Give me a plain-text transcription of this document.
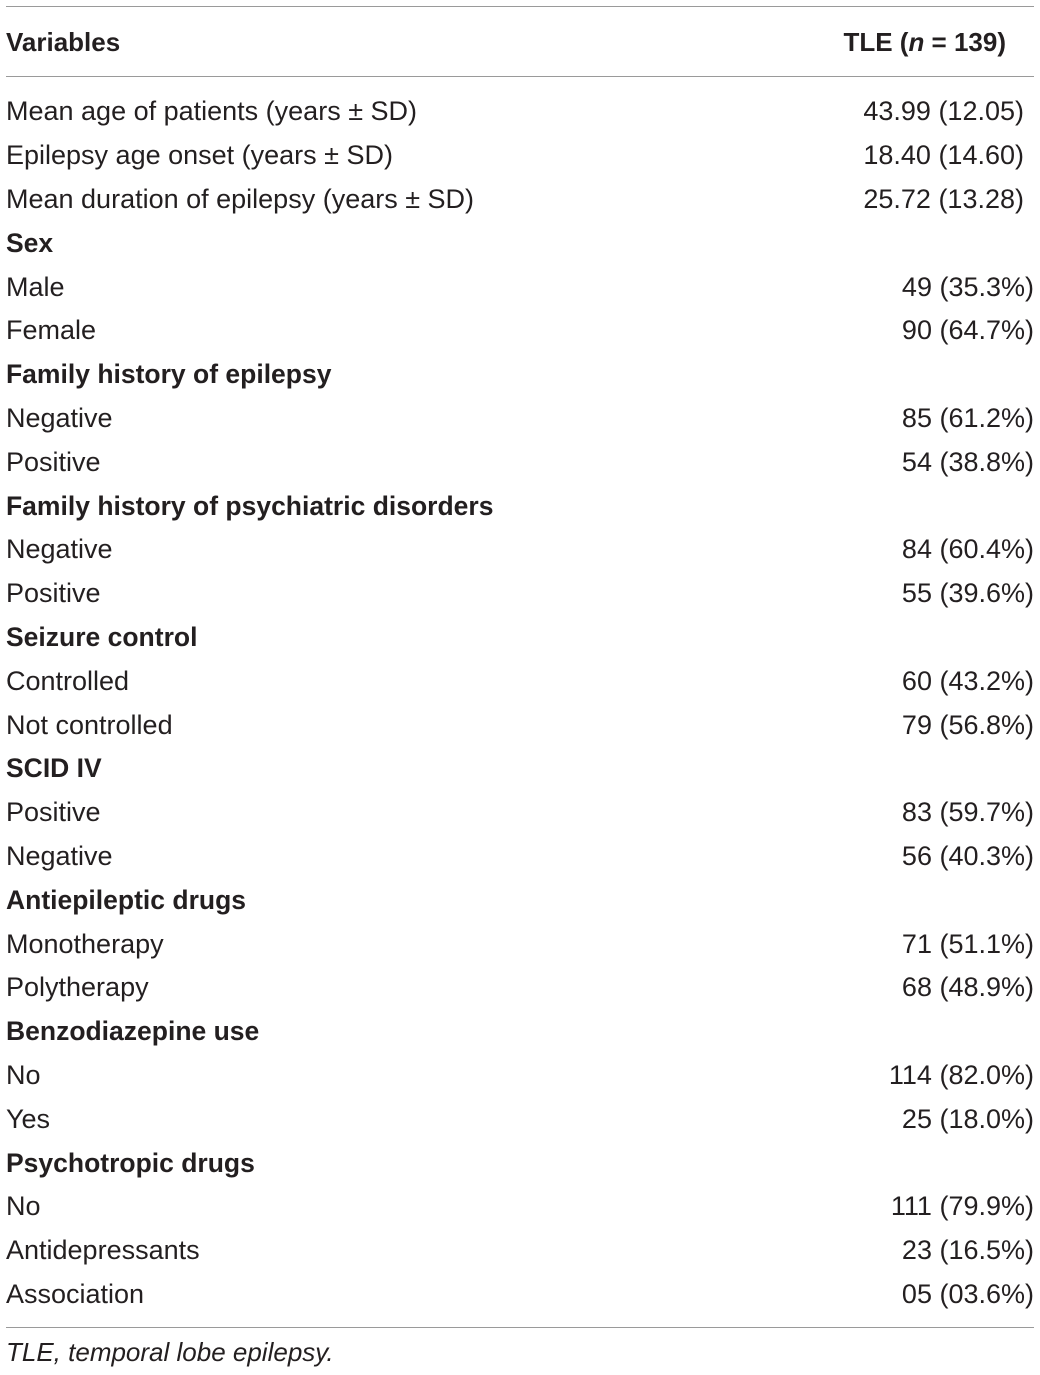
Variables	TLE (n = 139)
Mean age of patients (years ± SD)	43.99 (12.05)
Epilepsy age onset (years ± SD)	18.40 (14.60)
Mean duration of epilepsy (years ± SD)	25.72 (13.28)
Sex
Male	49 (35.3%)
Female	90 (64.7%)
Family history of epilepsy
Negative	85 (61.2%)
Positive	54 (38.8%)
Family history of psychiatric disorders
Negative	84 (60.4%)
Positive	55 (39.6%)
Seizure control
Controlled	60 (43.2%)
Not controlled	79 (56.8%)
SCID IV
Positive	83 (59.7%)
Negative	56 (40.3%)
Antiepileptic drugs
Monotherapy	71 (51.1%)
Polytherapy	68 (48.9%)
Benzodiazepine use
No	114 (82.0%)
Yes	25 (18.0%)
Psychotropic drugs
No	111 (79.9%)
Antidepressants	23 (16.5%)
Association	05 (03.6%)
TLE, temporal lobe epilepsy.
